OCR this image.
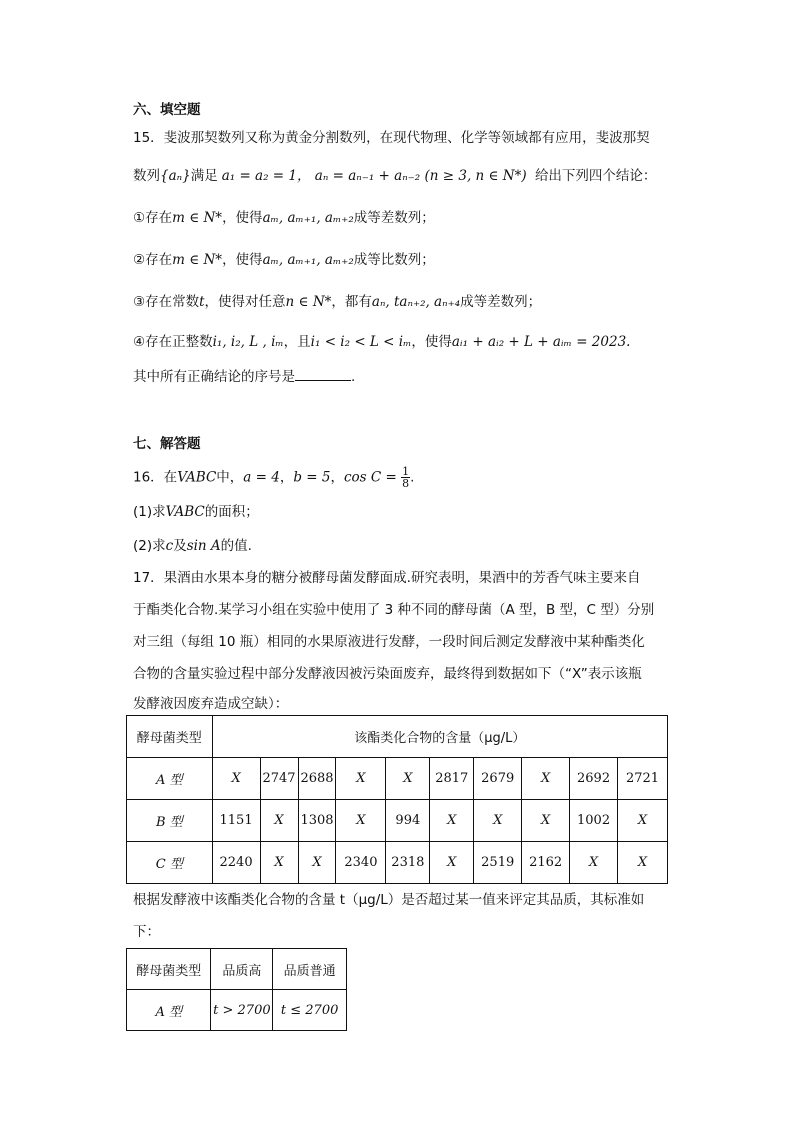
六、填空题
15．斐波那契数列又称为黄金分割数列，在现代物理、化学等领域都有应用，斐波那契
数列{aₙ}满足 a₁ = a₂ = 1， aₙ = aₙ₋₁ + aₙ₋₂ (n ≥ 3, n ∈ N*) 给出下列四个结论：
①存在m ∈ N*，使得aₘ, aₘ₊₁, aₘ₊₂成等差数列；
②存在m ∈ N*，使得aₘ, aₘ₊₁, aₘ₊₂成等比数列；
③存在常数t，使得对任意n ∈ N*，都有aₙ, taₙ₊₂, aₙ₊₄成等差数列；
④存在正整数i₁, i₂, L , iₘ，且i₁ < i₂ < L < iₘ，使得aᵢ₁ + aᵢ₂ + L + aᵢₘ = 2023.
其中所有正确结论的序号是	.
七、解答题
16．在VABC中，a = 4，b = 5，$\cos C = \frac{1}{8}$ .
(1)求VABC的面积；
(2)求c及sin A的值.
17．果酒由水果本身的糖分被酵母菌发酵面成.研究表明，果酒中的芳香气味主要来自
于酯类化合物.某学习小组在实验中使用了 3 种不同的酵母菌（A 型，B 型，C 型）分别
对三组（每组 10 瓶）相同的水果原液进行发酵，一段时间后测定发酵液中某种酯类化
合物的含量实验过程中部分发酵液因被污染面废弃，最终得到数据如下（“X”表示该瓶
发酵液因废弃造成空缺）：
酵母菌类型	该酯类化合物的含量（μg/L）									
A 型	X	2747	2688	X	X	2817	2679	X	2692	2721
B 型	1151	X	1308	X	994	X	X	X	1002	X
C 型	2240	X	X	2340	2318	X	2519	2162	X	X
根据发酵液中该酯类化合物的含量 t（μg/L）是否超过某一值来评定其品质，其标准如
下：
酵母菌类型	品质高	品质普通
A 型	t > 2700	t ≤ 2700
